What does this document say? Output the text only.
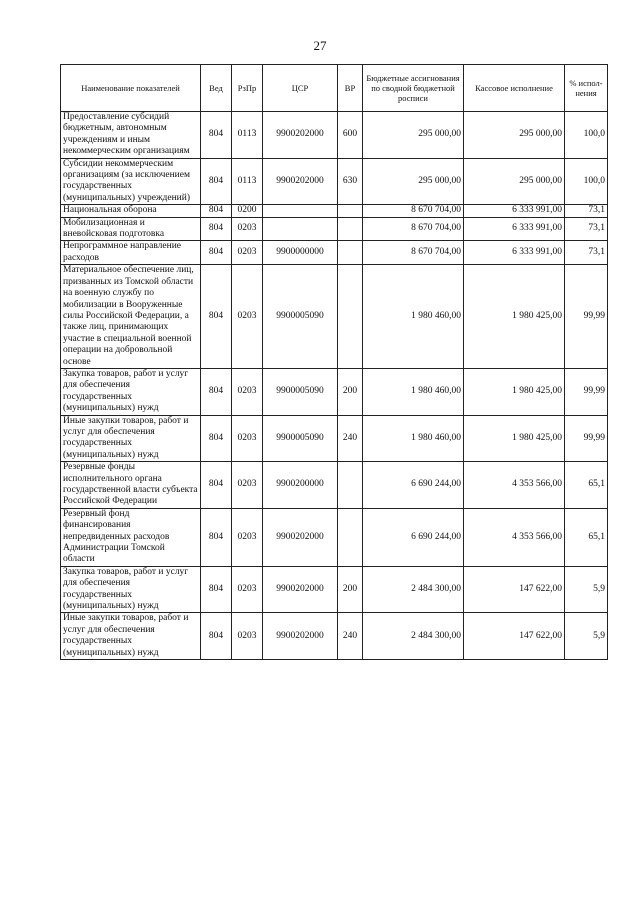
27
Наименование показателей	Вед	РзПр	ЦСР	ВР	Бюджетные ассигнования по сводной бюджетной росписи	Кассовое исполнение	% испол-нения
Предоставление субсидий бюджетным, автономным учреждениям и иным некоммерческим организациям	804	0113	9900202000	600	295 000,00	295 000,00	100,0
Субсидии некоммерческим организациям (за исключением государственных (муниципальных) учреждений)	804	0113	9900202000	630	295 000,00	295 000,00	100,0
Национальная оборона	804	0200			8 670 704,00	6 333 991,00	73,1
Мобилизационная и вневойсковая подготовка	804	0203			8 670 704,00	6 333 991,00	73,1
Непрограммное направление расходов	804	0203	9900000000		8 670 704,00	6 333 991,00	73,1
Материальное обеспечение лиц, призванных из Томской области на военную службу по мобилизации в Вооруженные силы Российской Федерации, а также лиц, принимающих участие в специальной военной операции на добровольной основе	804	0203	9900005090		1 980 460,00	1 980 425,00	99,99
Закупка товаров, работ и услуг для обеспечения государственных (муниципальных) нужд	804	0203	9900005090	200	1 980 460,00	1 980 425,00	99,99
Иные закупки товаров, работ и услуг для обеспечения государственных (муниципальных) нужд	804	0203	9900005090	240	1 980 460,00	1 980 425,00	99,99
Резервные фонды исполнительного органа государственной власти субъекта Российской Федерации	804	0203	9900200000		6 690 244,00	4 353 566,00	65,1
Резервный фонд финансирования непредвиденных расходов Администрации Томской области	804	0203	9900202000		6 690 244,00	4 353 566,00	65,1
Закупка товаров, работ и услуг для обеспечения государственных (муниципальных) нужд	804	0203	9900202000	200	2 484 300,00	147 622,00	5,9
Иные закупки товаров, работ и услуг для обеспечения государственных (муниципальных) нужд	804	0203	9900202000	240	2 484 300,00	147 622,00	5,9
